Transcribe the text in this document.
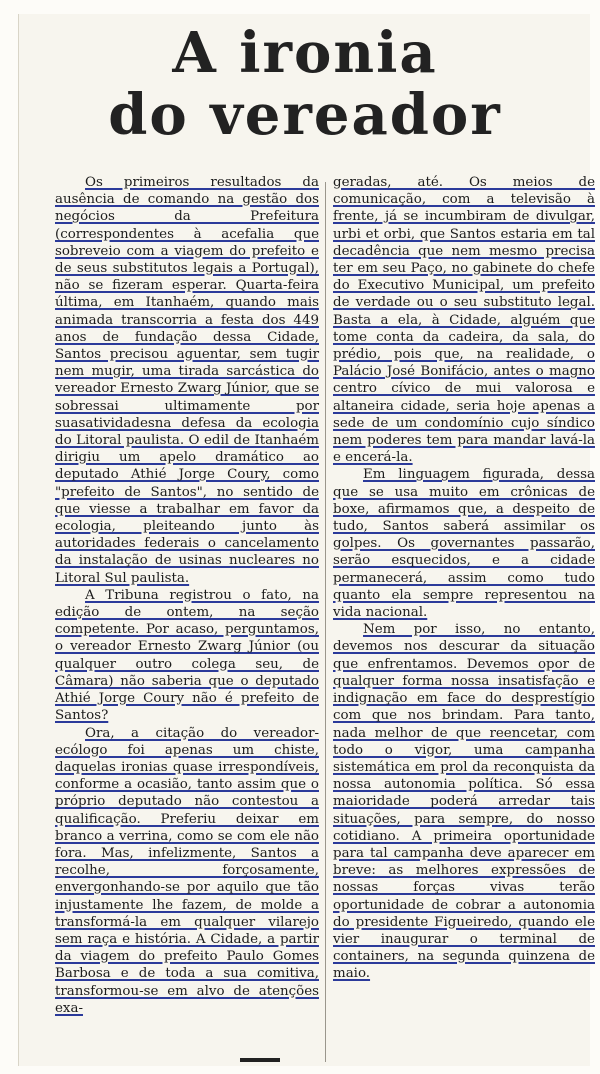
A ironia
do vereador

Os primeiros resultados da ausência de comando na gestão dos negócios da Prefeitura (correspondentes à acefalia que sobreveio com a viagem do prefeito e de seus substitutos legais a Portugal), não se fizeram esperar. Quarta-feira última, em Itanhaém, quando mais animada transcorria a festa dos 449 anos de fundação dessa Cidade, Santos precisou aguentar, sem tugir nem mugir, uma tirada sarcástica do vereador Ernesto Zwarg Júnior, que se sobressai ultimamente por suasatividadesna defesa da ecologia do Litoral paulista. O edil de Itanhaém dirigiu um apelo dramático ao deputado Athié Jorge Coury, como "prefeito de Santos", no sentido de que viesse a trabalhar em favor da ecologia, pleiteando junto às autoridades federais o cancelamento da instalação de usinas nucleares no Litoral Sul paulista.

A Tribuna registrou o fato, na edição de ontem, na seção competente. Por acaso, perguntamos, o vereador Ernesto Zwarg Júnior (ou qualquer outro colega seu, de Câmara) não saberia que o deputado Athié Jorge Coury não é prefeito de Santos?

Ora, a citação do vereador-ecólogo foi apenas um chiste, daquelas ironias quase irrespondíveis, conforme a ocasião, tanto assim que o próprio deputado não contestou a qualificação. Preferiu deixar em branco a verrina, como se com ele não fora. Mas, infelizmente, Santos a recolhe, forçosamente, envergonhando-se por aquilo que tão injustamente lhe fazem, de molde a transformá-la em qualquer vilarejo sem raça e história. A Cidade, a partir da viagem do prefeito Paulo Gomes Barbosa e de toda a sua comitiva, transformou-se em alvo de atenções exa-

geradas, até. Os meios de comunicação, com a televisão à frente, já se incumbiram de divulgar, urbi et orbi, que Santos estaria em tal decadência que nem mesmo precisa ter em seu Paço, no gabinete do chefe do Executivo Municipal, um prefeito de verdade ou o seu substituto legal. Basta a ela, à Cidade, alguém que tome conta da cadeira, da sala, do prédio, pois que, na realidade, o Palácio José Bonifácio, antes o magno centro cívico de mui valorosa e altaneira cidade, seria hoje apenas a sede de um condomínio cujo síndico nem poderes tem para mandar lavá-la e encerá-la.

Em linguagem figurada, dessa que se usa muito em crônicas de boxe, afirmamos que, a despeito de tudo, Santos saberá assimilar os golpes. Os governantes passarão, serão esquecidos, e a cidade permanecerá, assim como tudo quanto ela sempre representou na vida nacional.

Nem por isso, no entanto, devemos nos descurar da situação que enfrentamos. Devemos opor de qualquer forma nossa insatisfação e indignação em face do desprestígio com que nos brindam. Para tanto, nada melhor de que reencetar, com todo o vigor, uma campanha sistemática em prol da reconquista da nossa autonomia política. Só essa maioridade poderá arredar tais situações, para sempre, do nosso cotidiano. A primeira oportunidade para tal campanha deve aparecer em breve: as melhores expressões de nossas forças vivas terão oportunidade de cobrar a autonomia do presidente Figueiredo, quando ele vier inaugurar o terminal de containers, na segunda quinzena de maio.
